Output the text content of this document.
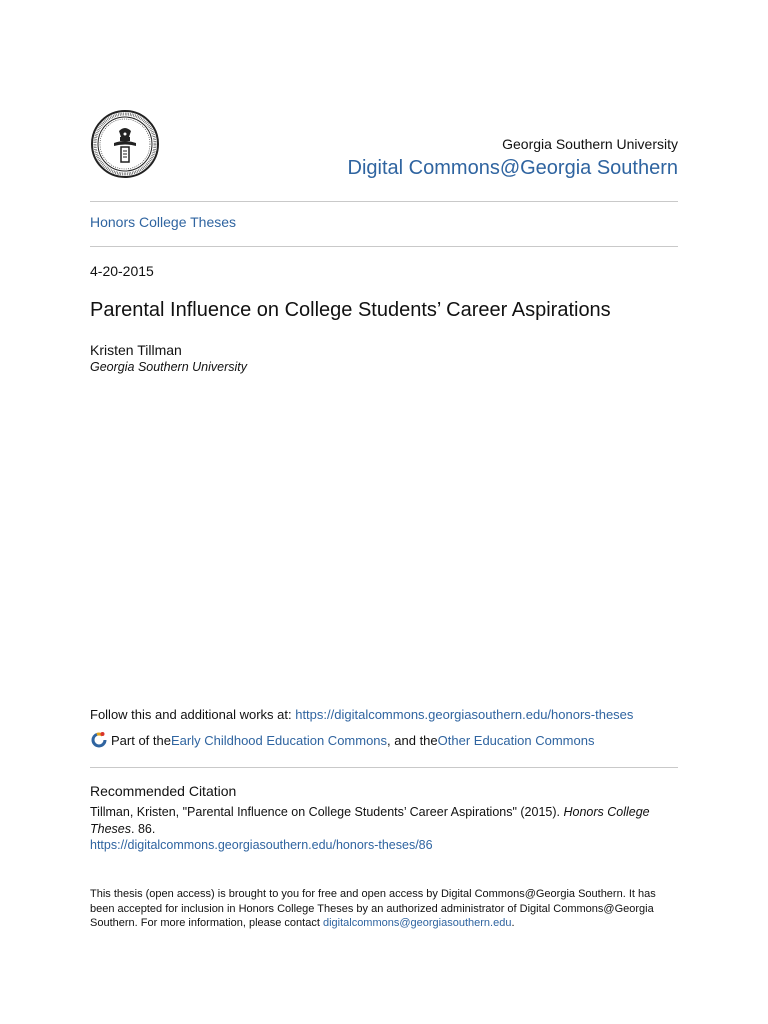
Georgia Southern University
Digital Commons@Georgia Southern
Honors College Theses
4-20-2015
Parental Influence on College Students’ Career Aspirations
Kristen Tillman
Georgia Southern University
Follow this and additional works at: https://digitalcommons.georgiasouthern.edu/honors-theses
Part of the Early Childhood Education Commons , and the Other Education Commons
Recommended Citation
Tillman, Kristen, "Parental Influence on College Students’ Career Aspirations" (2015). Honors College Theses. 86.
https://digitalcommons.georgiasouthern.edu/honors-theses/86
This thesis (open access) is brought to you for free and open access by Digital Commons@Georgia Southern. It has been accepted for inclusion in Honors College Theses by an authorized administrator of Digital Commons@Georgia Southern. For more information, please contact digitalcommons@georgiasouthern.edu.
